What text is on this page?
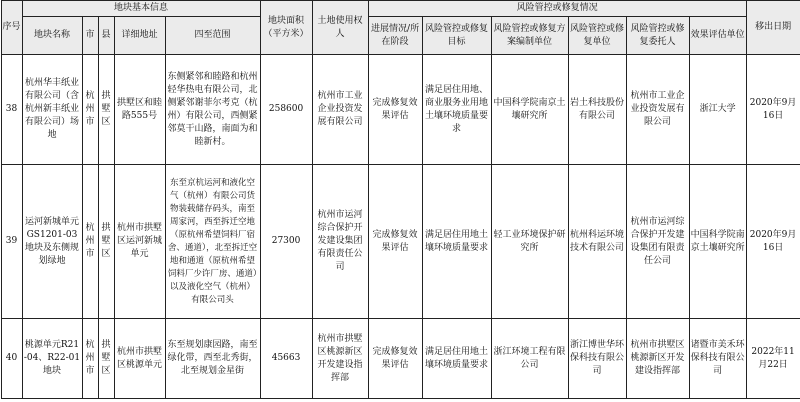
序号	地块基本信息					地块面积（平方米）	土地使用权人	风险管控或修复情况						移出日期
	地块名称	市	县	详细地址	四至范围			进展情况/所在阶段	风险管控或修复目标	风险管控或修复方案编制单位	风险管控或修复单位	风险管控或修复委托人	效果评估单位	
38	杭州华丰纸业有限公司（含杭州新丰纸业有限公司）场地	杭州市	拱墅区	拱墅区和睦路555号	东侧紧邻和睦路和杭州轻华热电有限公司，北侧紧邻谢菲尔考克（杭州）有限公司，西侧紧邻莫干山路，南面为和睦新村。	258600	杭州市工业企业投资发展有限公司	完成修复效果评估	满足居住用地、商业服务业用地土壤环境质量要求	中国科学院南京土壤研究所	岩土科技股份有限公司	杭州市工业企业投资发展有限公司	浙江大学	2020年9月16日
39	运河新城单元GS1201-03地块及东侧规划绿地	杭州市	拱墅区	杭州市拱墅区运河新城单元	东至京杭运河和液化空气（杭州）有限公司货物装载储存码头，南至周家河，西至拆迁空地（原杭州希望饲料厂宿舍、通道），北至拆迁空地和通道（原杭州希望饲料厂少许厂房、通道）以及液化空气（杭州）有限公司头	27300	杭州市运河综合保护开发建设集团有限责任公司	完成修复效果评估	满足居住用地土壤环境质量要求	轻工业环境保护研究所	杭州科运环境技术有限公司	杭州市运河综合保护开发建设集团有限责任公司	中国科学院南京土壤研究所	2020年9月16日
40	桃源单元R21-04、R22-01地块	杭州市	拱墅区	杭州市拱墅区桃源单元	东至规划康园路，南至绿化带，西至北秀街，北至规划金星街	45663	杭州市拱墅区桃源新区开发建设指挥部	完成修复效果评估	满足居住用地土壤环境质量要求	浙江环境工程有限公司	浙江博世华环保科技有限公司	杭州市拱墅区桃源新区开发建设指挥部	诸暨市美禾环保科技有限公司	2022年11月22日
